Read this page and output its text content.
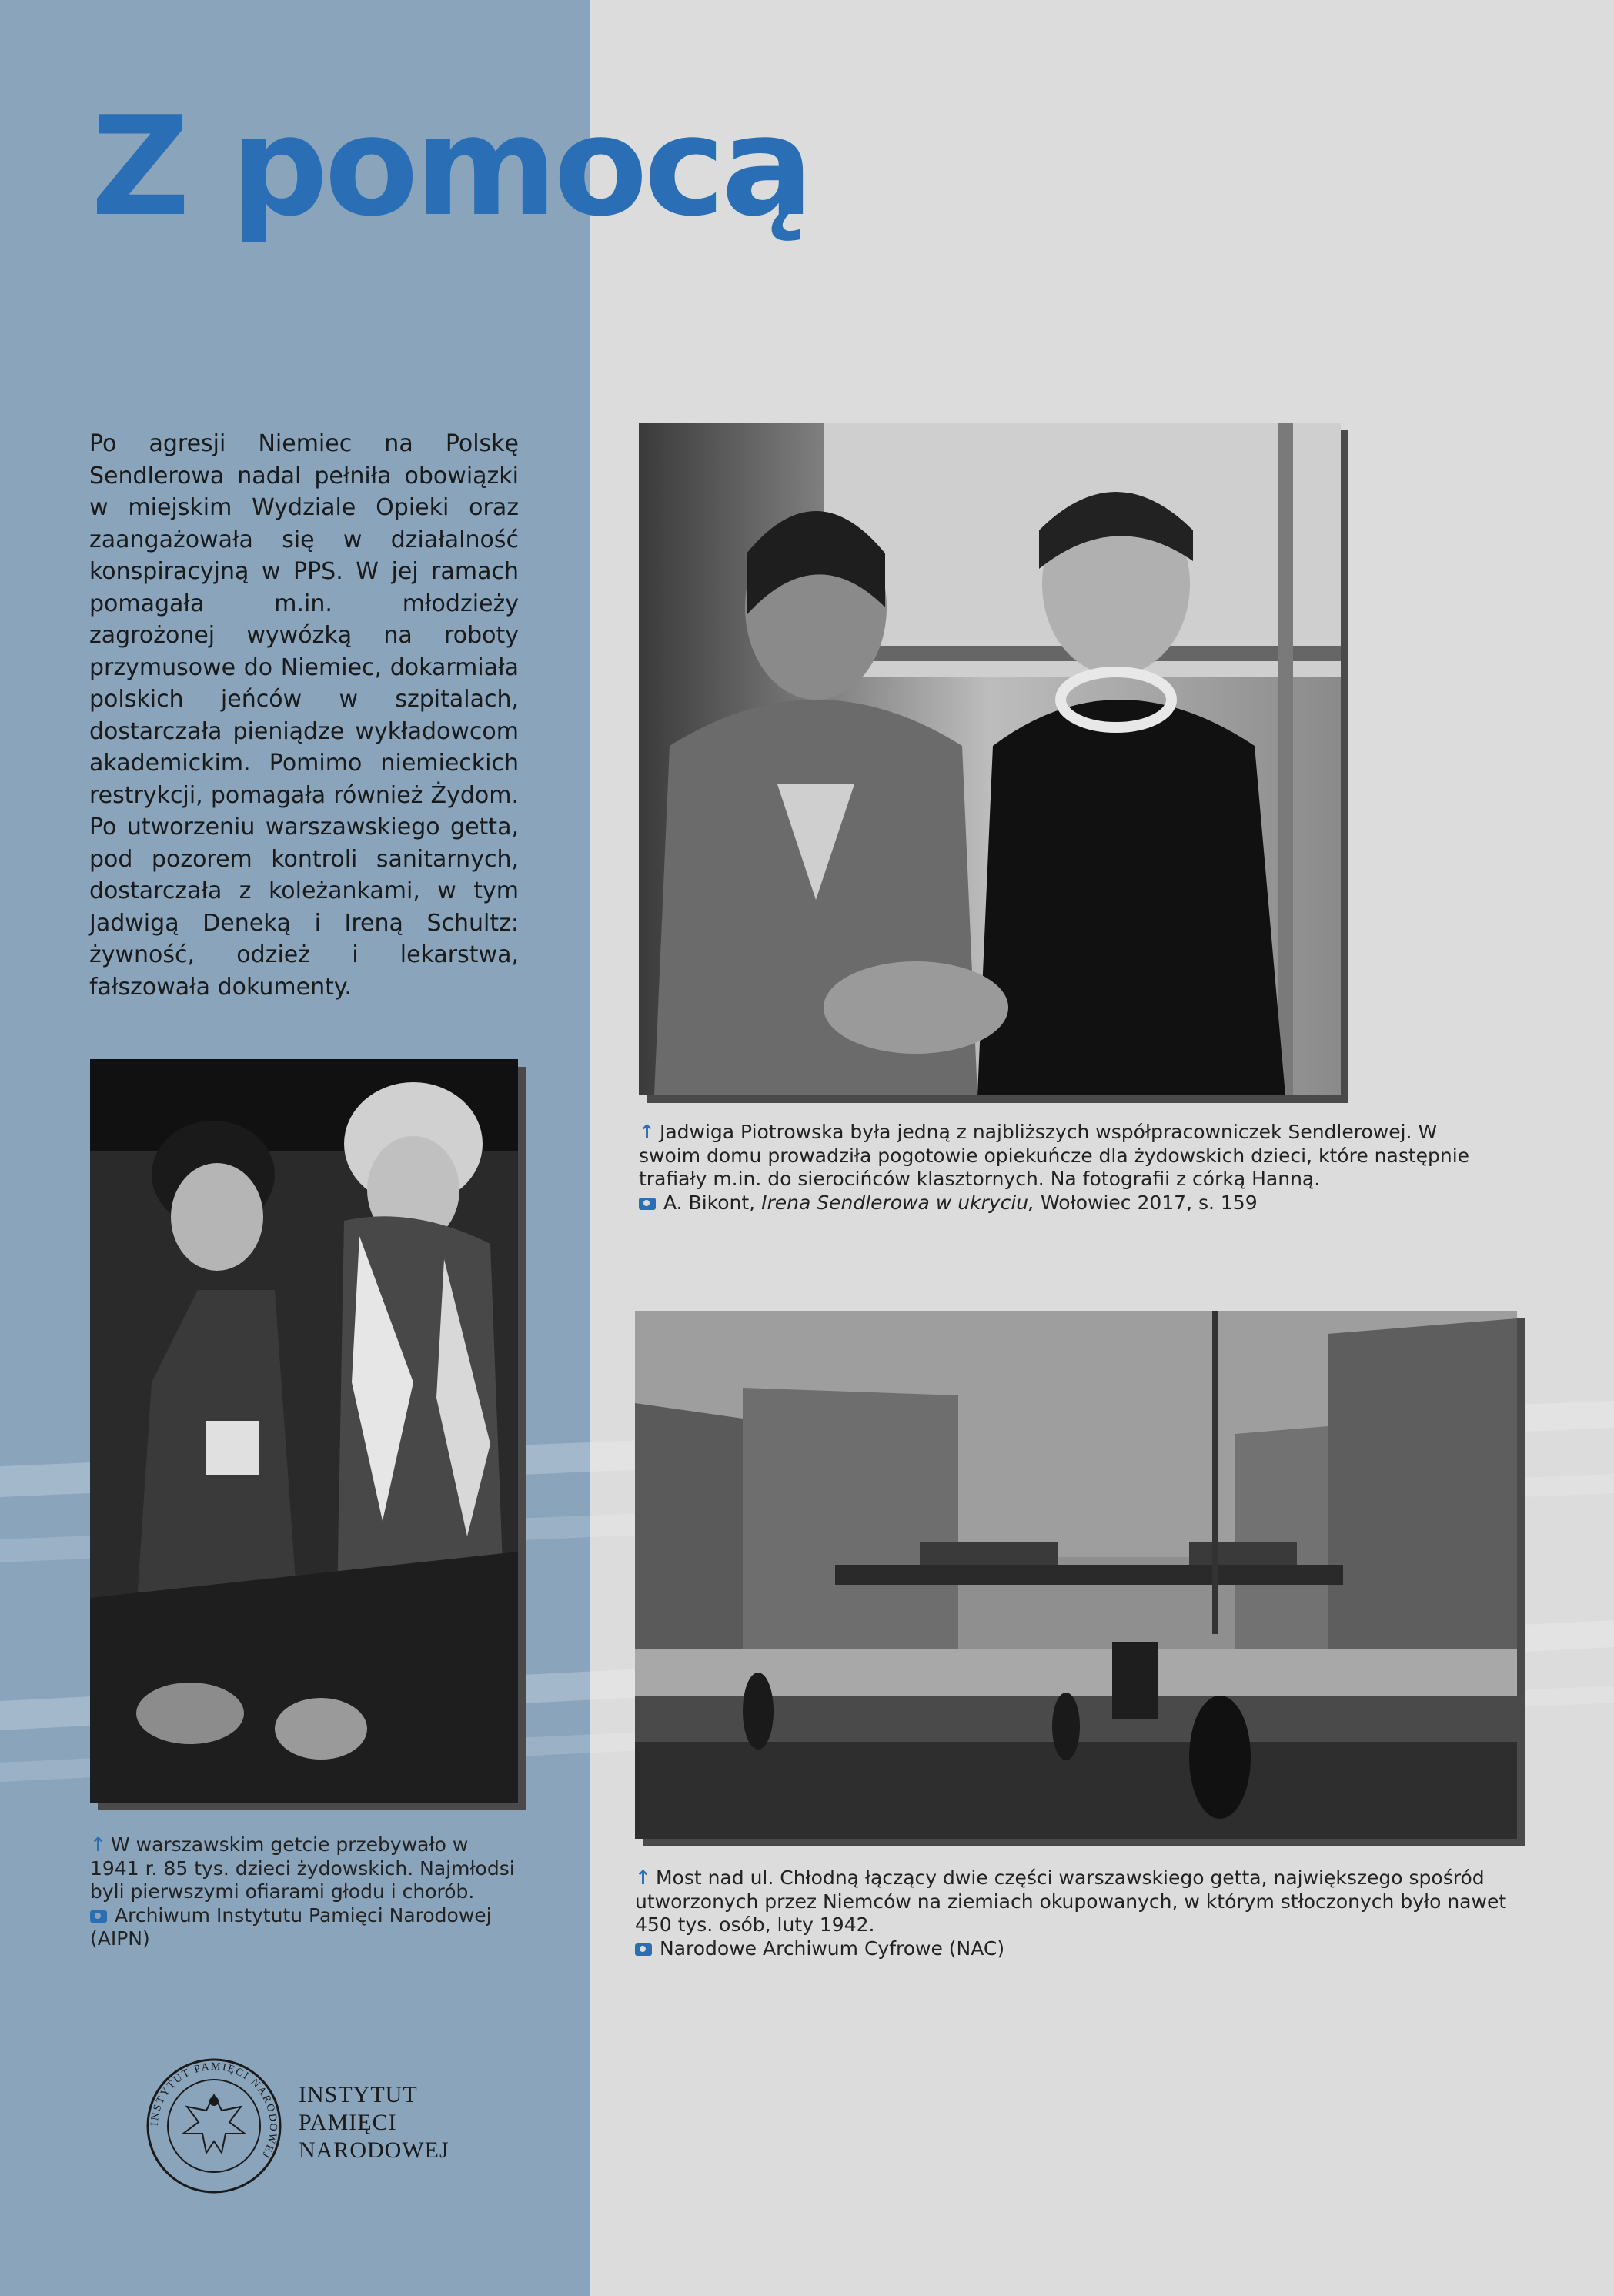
Z pomocą

Po agresji Niemiec na Polskę Sendlerowa nadal pełniła obowiązki w miejskim Wydziale Opieki oraz zaangażowała się w działalność konspiracyjną w PPS. W jej ramach pomagała m.in. młodzieży zagrożonej wywózką na roboty przymusowe do Niemiec, dokarmiała polskich jeńców w szpitalach, dostarczała pieniądze wykładowcom akademickim. Pomimo niemieckich restrykcji, pomagała również Żydom. Po utworzeniu warszawskiego getta, pod pozorem kontroli sanitarnych, dostarczała z koleżankami, w tym Jadwigą Deneką i Ireną Schultz: żywność, odzież i lekarstwa, fałszowała dokumenty.

↑ Jadwiga Piotrowska była jedną z najbliższych współpracowniczek Sendlerowej. W swoim domu prowadziła pogotowie opiekuńcze dla żydowskich dzieci, które następnie trafiały m.in. do sierocińców klasztornych. Na fotografii z córką Hanną.

A. Bikont, Irena Sendlerowa w ukryciu, Wołowiec 2017, s. 159

↑ W warszawskim getcie przebywało w 1941 r. 85 tys. dzieci żydowskich. Najmłodsi byli pierwszymi ofiarami głodu i chorób.

Archiwum Instytutu Pamięci Narodowej (AIPN)

↑ Most nad ul. Chłodną łączący dwie części warszawskiego getta, największego spośród utworzonych przez Niemców na ziemiach okupowanych, w którym stłoczonych było nawet 450 tys. osób, luty 1942.

Narodowe Archiwum Cyfrowe (NAC)

INSTYTUT PAMIĘCI NARODOWEJ
INSTYTUT
PAMIĘCI
NARODOWEJ
